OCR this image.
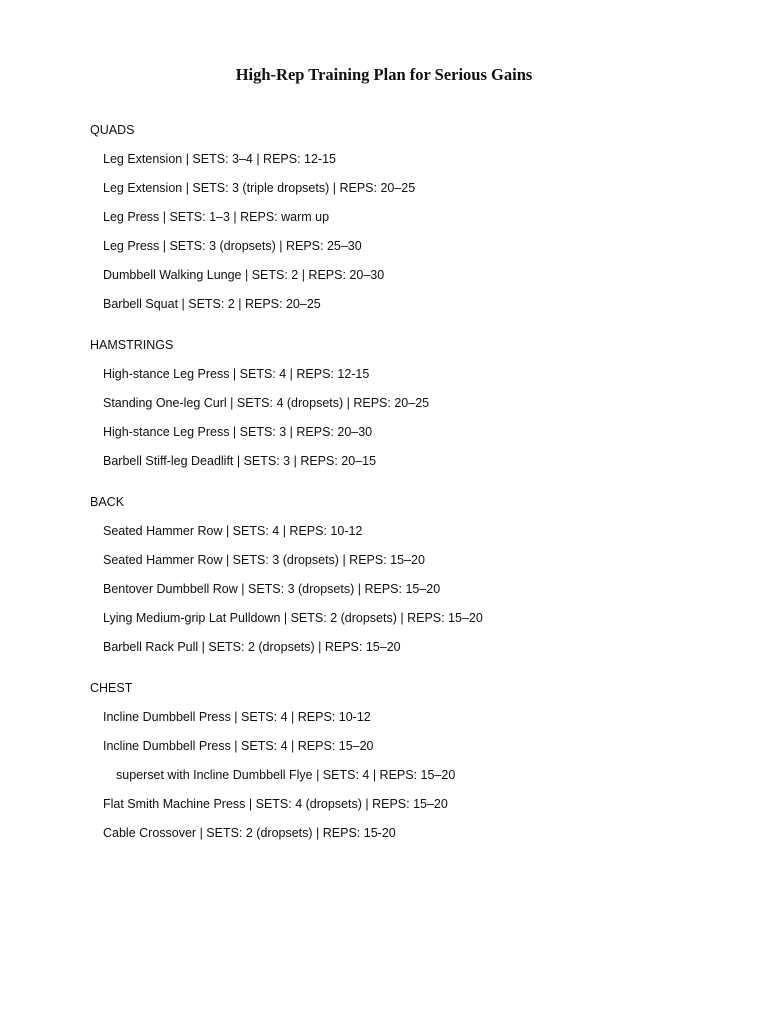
High-Rep Training Plan for Serious Gains
QUADS
Leg Extension | SETS: 3–4 | REPS: 12-15
Leg Extension | SETS: 3 (triple dropsets) | REPS: 20–25
Leg Press | SETS: 1–3 | REPS: warm up
Leg Press | SETS: 3 (dropsets) | REPS: 25–30
Dumbbell Walking Lunge | SETS: 2 | REPS: 20–30
Barbell Squat | SETS: 2 | REPS: 20–25
HAMSTRINGS
High-stance Leg Press | SETS: 4 | REPS: 12-15
Standing One-leg Curl | SETS: 4 (dropsets) | REPS: 20–25
High-stance Leg Press | SETS: 3 | REPS: 20–30
Barbell Stiff-leg Deadlift | SETS: 3 | REPS: 20–15
BACK
Seated Hammer Row | SETS: 4 | REPS: 10-12
Seated Hammer Row | SETS: 3 (dropsets) | REPS: 15–20
Bentover Dumbbell Row | SETS: 3 (dropsets) | REPS: 15–20
Lying Medium-grip Lat Pulldown | SETS: 2 (dropsets) | REPS: 15–20
Barbell Rack Pull | SETS: 2 (dropsets) | REPS: 15–20
CHEST
Incline Dumbbell Press | SETS: 4 | REPS: 10-12
Incline Dumbbell Press | SETS: 4 | REPS: 15–20
superset with Incline Dumbbell Flye | SETS: 4 | REPS: 15–20
Flat Smith Machine Press | SETS: 4 (dropsets) | REPS: 15–20
Cable Crossover | SETS: 2 (dropsets) | REPS: 15-20
